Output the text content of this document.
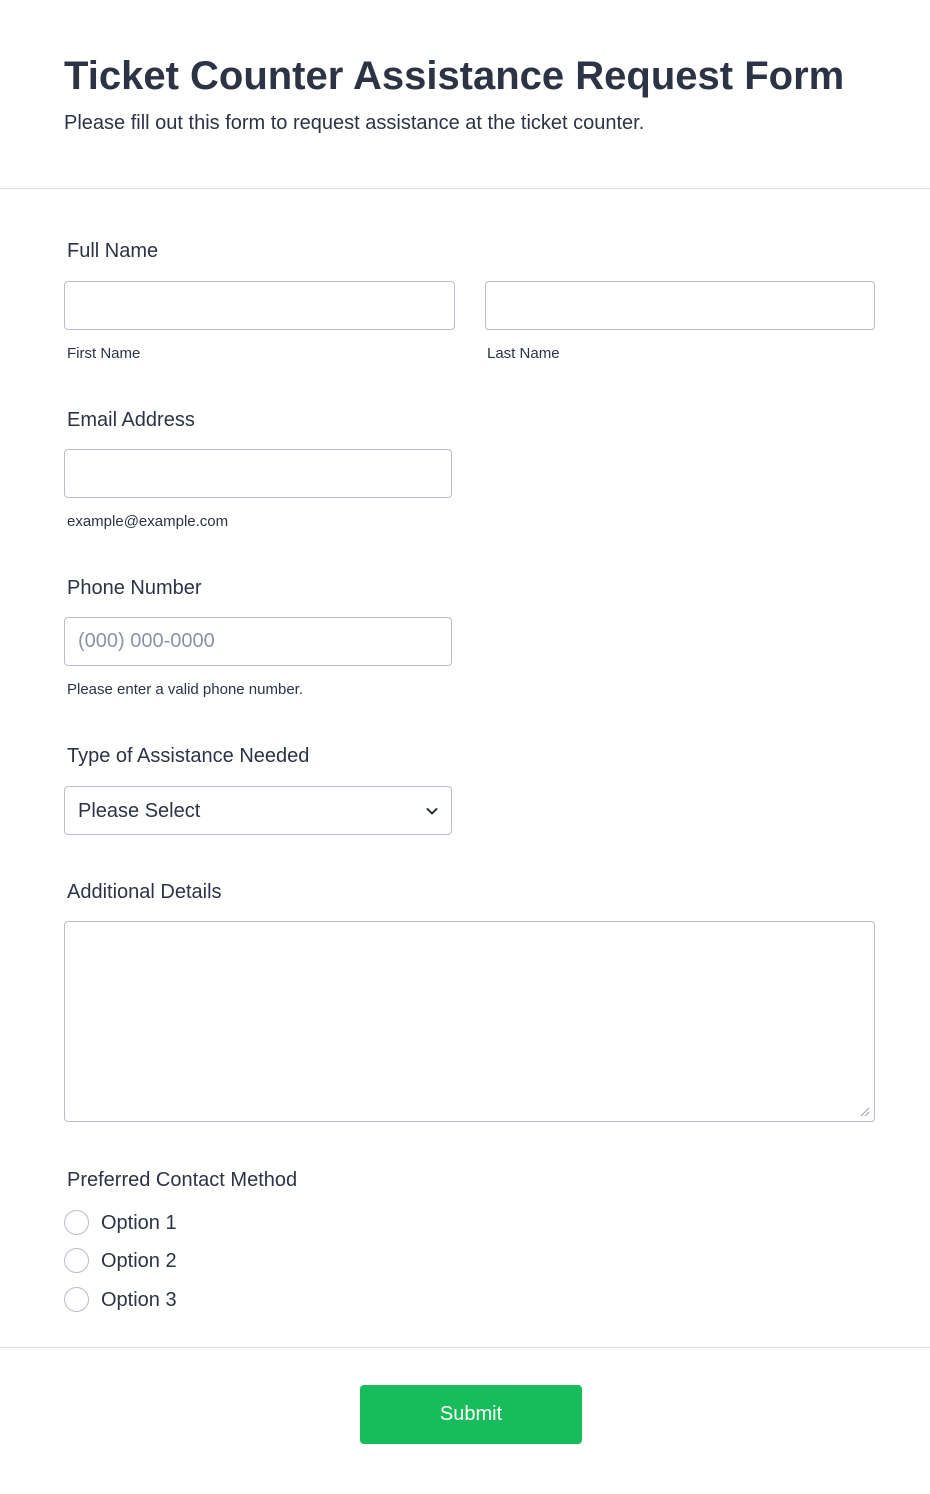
Ticket Counter Assistance Request Form

Please fill out this form to request assistance at the ticket counter.

Full Name
First Name	Last Name
Email Address
example@example.com
Phone Number
(000) 000-0000
Please enter a valid phone number.
Type of Assistance Needed
Please Select
Additional Details
Preferred Contact Method
Option 1
Option 2
Option 3
Submit
